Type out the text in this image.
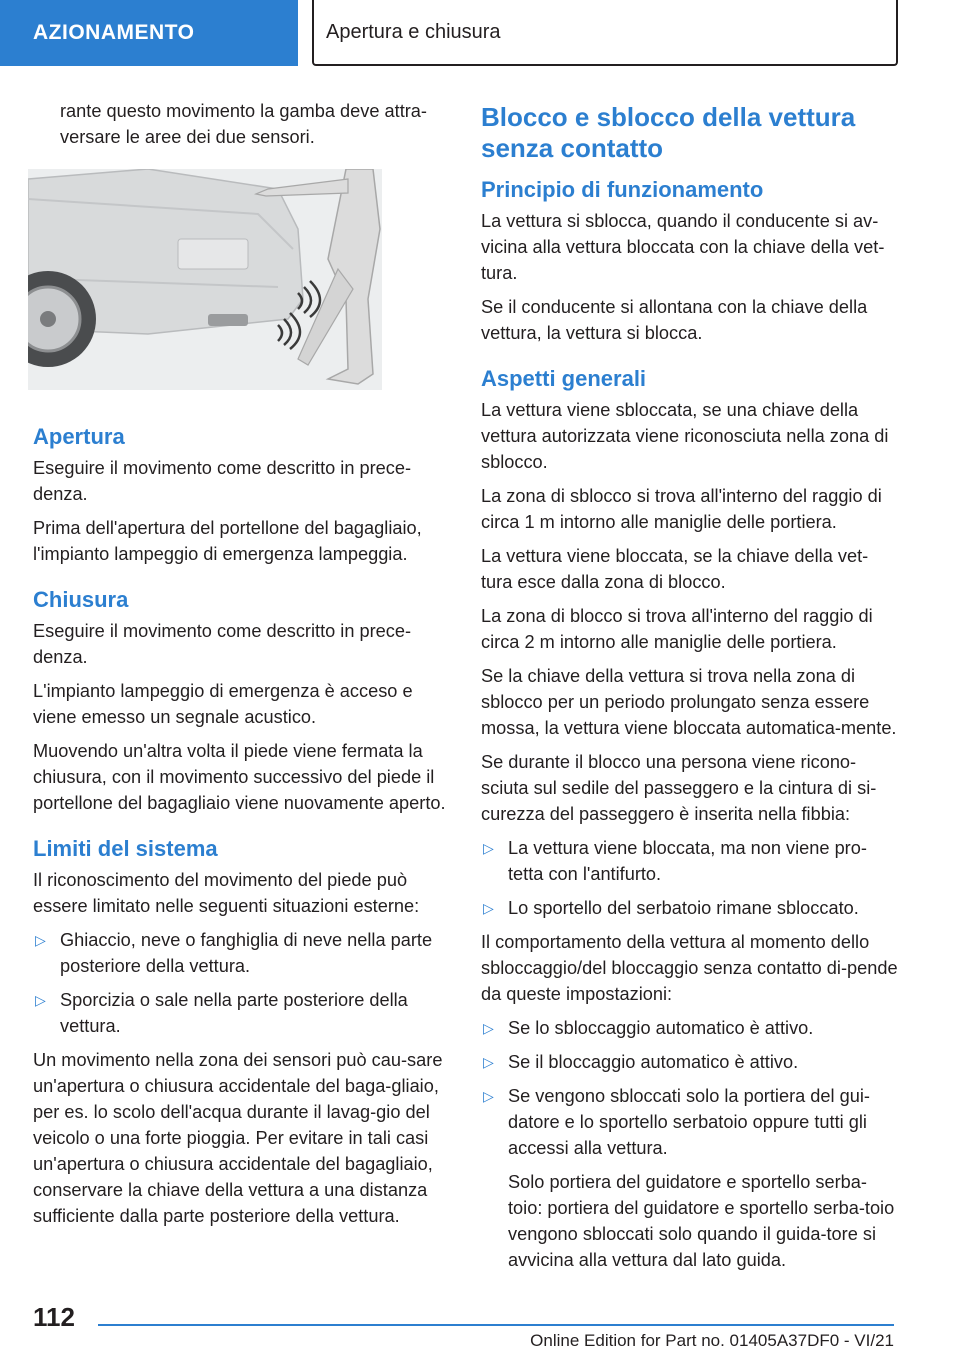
AZIONAMENTO	Apertura e chiusura

rante questo movimento la gamba deve attra-versare le aree dei due sensori.

Apertura

Eseguire il movimento come descritto in prece-denza.

Prima dell'apertura del portellone del bagagliaio, l'impianto lampeggio di emergenza lampeggia.

Chiusura

Eseguire il movimento come descritto in prece-denza.

L'impianto lampeggio di emergenza è acceso e viene emesso un segnale acustico.

Muovendo un'altra volta il piede viene fermata la chiusura, con il movimento successivo del piede il portellone del bagagliaio viene nuovamente aperto.

Limiti del sistema

Il riconoscimento del movimento del piede può essere limitato nelle seguenti situazioni esterne:

▷ Ghiaccio, neve o fanghiglia di neve nella parte posteriore della vettura.
▷ Sporcizia o sale nella parte posteriore della vettura.

Un movimento nella zona dei sensori può cau-sare un'apertura o chiusura accidentale del baga-gliaio, per es. lo scolo dell'acqua durante il lavag-gio del veicolo o una forte pioggia. Per evitare in tali casi un'apertura o chiusura accidentale del bagagliaio, conservare la chiave della vettura a una distanza sufficiente dalla parte posteriore della vettura.

Blocco e sblocco della vettura senza contatto
Principio di funzionamento

La vettura si sblocca, quando il conducente si av-vicina alla vettura bloccata con la chiave della vet-tura.

Se il conducente si allontana con la chiave della vettura, la vettura si blocca.

Aspetti generali

La vettura viene sbloccata, se una chiave della vettura autorizzata viene riconosciuta nella zona di sblocco.

La zona di sblocco si trova all'interno del raggio di circa 1 m intorno alle maniglie delle portiera.

La vettura viene bloccata, se la chiave della vet-tura esce dalla zona di blocco.

La zona di blocco si trova all'interno del raggio di circa 2 m intorno alle maniglie delle portiera.

Se la chiave della vettura si trova nella zona di sblocco per un periodo prolungato senza essere mossa, la vettura viene bloccata automatica-mente.

Se durante il blocco una persona viene ricono-sciuta sul sedile del passeggero e la cintura di si-curezza del passeggero è inserita nella fibbia:

▷ La vettura viene bloccata, ma non viene pro-tetta con l'antifurto.
▷ Lo sportello del serbatoio rimane sbloccato.

Il comportamento della vettura al momento dello sbloccaggio/del bloccaggio senza contatto di-pende da queste impostazioni:

▷ Se lo sbloccaggio automatico è attivo.
▷ Se il bloccaggio automatico è attivo.
▷ Se vengono sbloccati solo la portiera del gui-datore e lo sportello serbatoio oppure tutti gli accessi alla vettura.

Solo portiera del guidatore e sportello serba-toio: portiera del guidatore e sportello serba-toio vengono sbloccati solo quando il guida-tore si avvicina alla vettura dal lato guida.

112
Online Edition for Part no. 01405A37DF0 - VI/21
